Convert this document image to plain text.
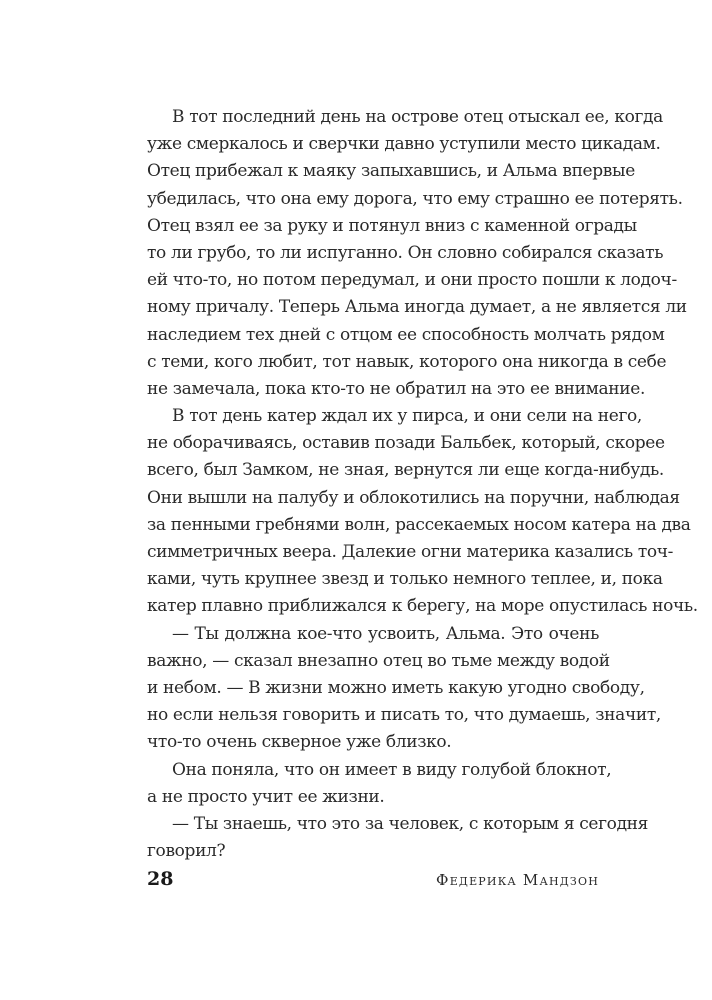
В тот последний день на острове отец отыскал ее, когда
уже смеркалось и сверчки давно уступили место цикадам.
Отец прибежал к маяку запыхавшись, и Альма впервые
убедилась, что она ему дорога, что ему страшно ее потерять.
Отец взял ее за руку и потянул вниз с каменной ограды
то ли грубо, то ли испуганно. Он словно собирался сказать
ей что-то, но потом передумал, и они просто пошли к лодоч-
ному причалу. Теперь Альма иногда думает, а не является ли
наследием тех дней с отцом ее способность молчать рядом
с теми, кого любит, тот навык, которого она никогда в себе
не замечала, пока кто-то не обратил на это ее внимание.
В тот день катер ждал их у пирса, и они сели на него,
не оборачиваясь, оставив позади Бальбек, который, скорее
всего, был Замком, не зная, вернутся ли еще когда-нибудь.
Они вышли на палубу и облокотились на поручни, наблюдая
за пенными гребнями волн, рассекаемых носом катера на два
симметричных веера. Далекие огни материка казались точ-
ками, чуть крупнее звезд и только немного теплее, и, пока
катер плавно приближался к берегу, на море опустилась ночь.
— Ты должна кое-что усвоить, Альма. Это очень
важно, — сказал внезапно отец во тьме между водой
и небом. — В жизни можно иметь какую угодно свободу,
но если нельзя говорить и писать то, что думаешь, значит,
что-то очень скверное уже близко.
Она поняла, что он имеет в виду голубой блокнот,
а не просто учит ее жизни.
— Ты знаешь, что это за человек, с которым я сегодня
говорил?
28	Федерика Мандзон
